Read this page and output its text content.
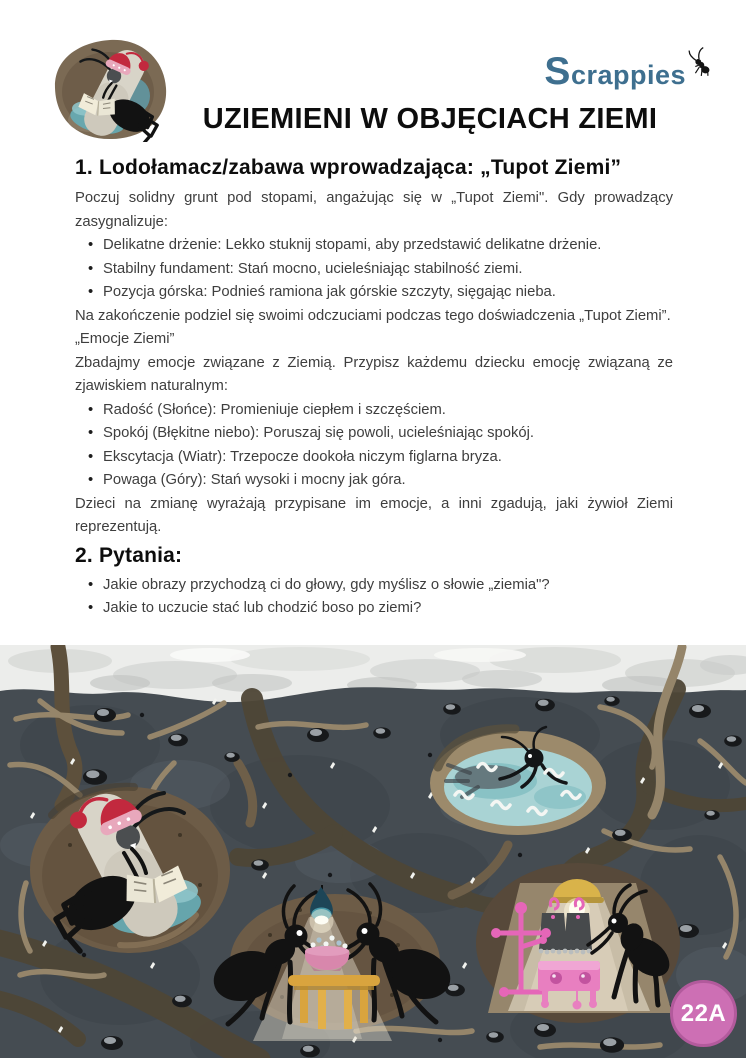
Scrappies
UZIEMIENI W OBJĘCIACH ZIEMI
1. Lodołamacz/zabawa wprowadzająca: „Tupot Ziemi”

Poczuj solidny grunt pod stopami, angażując się w „Tupot Ziemi". Gdy prowadzący zasygnalizuje:

• Delikatne drżenie: Lekko stuknij stopami, aby przedstawić delikatne drżenie.
• Stabilny fundament: Stań mocno, ucieleśniając stabilność ziemi.
• Pozycja górska: Podnieś ramiona jak górskie szczyty, sięgając nieba.

Na zakończenie podziel się swoimi odczuciami podczas tego doświadczenia „Tupot Ziemi”.

„Emocje Ziemi”

Zbadajmy emocje związane z Ziemią. Przypisz każdemu dziecku emocję związaną ze zjawiskiem naturalnym:

• Radość (Słońce): Promieniuje ciepłem i szczęściem.
• Spokój (Błękitne niebo): Poruszaj się powoli, ucieleśniając spokój.
• Ekscytacja (Wiatr): Trzepocze dookoła niczym figlarna bryza.
• Powaga (Góry): Stań wysoki i mocny jak góra.

Dzieci na zmianę wyrażają przypisane im emocje, a inni zgadują, jaki żywioł Ziemi reprezentują.

2. Pytania:
• Jakie obrazy przychodzą ci do głowy, gdy myślisz o słowie „ziemia"?
• Jakie to uczucie stać lub chodzić boso po ziemi?
22A
